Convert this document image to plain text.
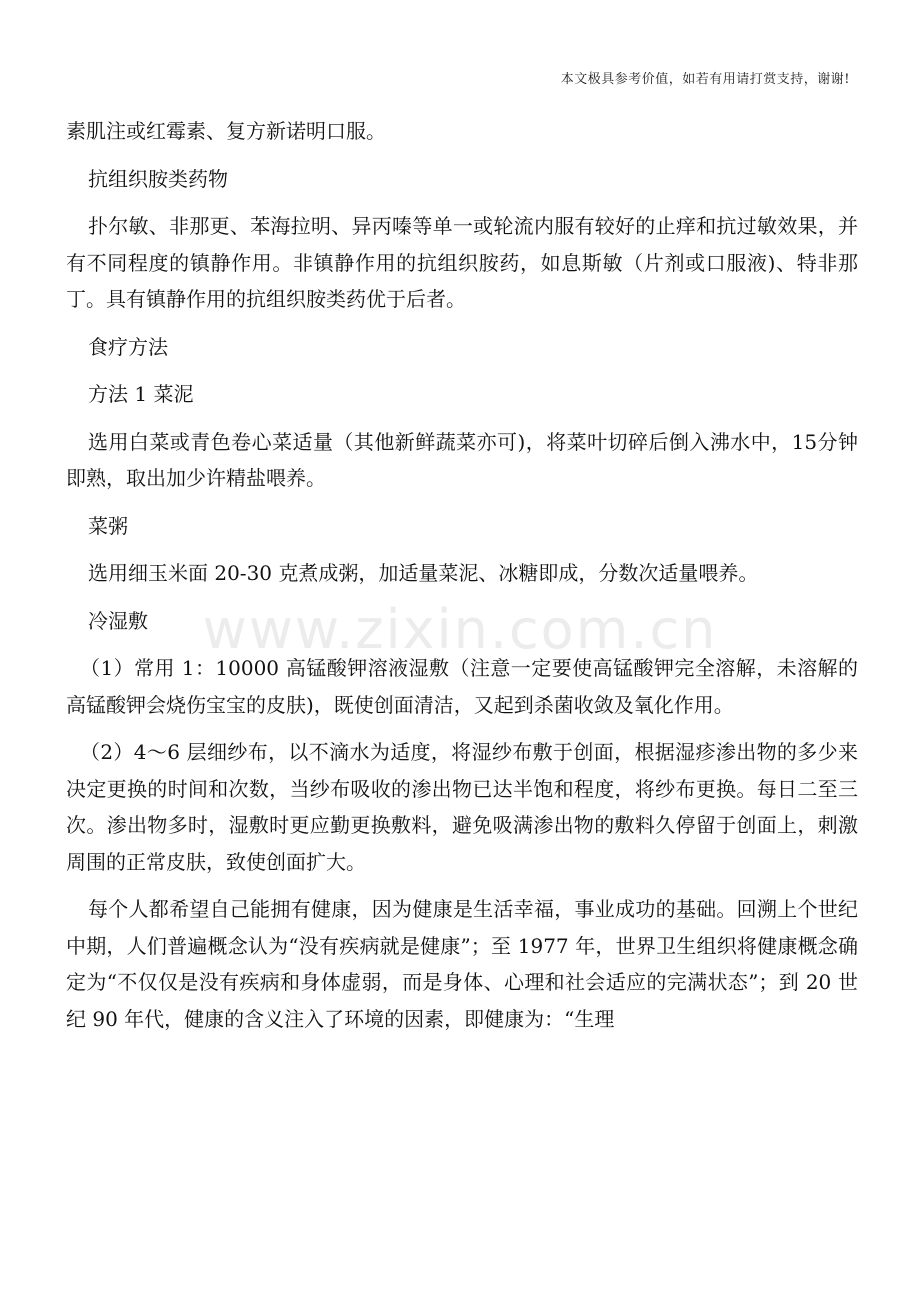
本文极具参考价值，如若有用请打赏支持，谢谢!
www.zixin.com.cn

素肌注或红霉素、复方新诺明口服。

抗组织胺类药物

扑尔敏、非那更、苯海拉明、异丙嗪等单一或轮流内服有较好的止痒和抗过敏效果，并有不同程度的镇静作用。非镇静作用的抗组织胺药，如息斯敏（片剂或口服液)、特非那丁。具有镇静作用的抗组织胺类药优于后者。

食疗方法

方法 1 菜泥

选用白菜或青色卷心菜适量（其他新鲜蔬菜亦可)，将菜叶切碎后倒入沸水中，15分钟即熟，取出加少许精盐喂养。

菜粥

选用细玉米面 20-30 克煮成粥，加适量菜泥、冰糖即成，分数次适量喂养。

冷湿敷

（1）常用 1：10000 高锰酸钾溶液湿敷（注意一定要使高锰酸钾完全溶解，未溶解的高锰酸钾会烧伤宝宝的皮肤)，既使创面清洁，又起到杀菌收敛及氧化作用。

（2）4～6 层细纱布，以不滴水为适度，将湿纱布敷于创面，根据湿疹渗出物的多少来决定更换的时间和次数，当纱布吸收的渗出物已达半饱和程度，将纱布更换。每日二至三次。渗出物多时，湿敷时更应勤更换敷料，避免吸满渗出物的敷料久停留于创面上，刺激周围的正常皮肤，致使创面扩大。

每个人都希望自己能拥有健康，因为健康是生活幸福，事业成功的基础。回溯上个世纪中期，人们普遍概念认为“没有疾病就是健康”；至 1977 年，世界卫生组织将健康概念确定为“不仅仅是没有疾病和身体虚弱，而是身体、心理和社会适应的完满状态”；到 20 世纪 90 年代，健康的含义注入了环境的因素，即健康为：“生理
